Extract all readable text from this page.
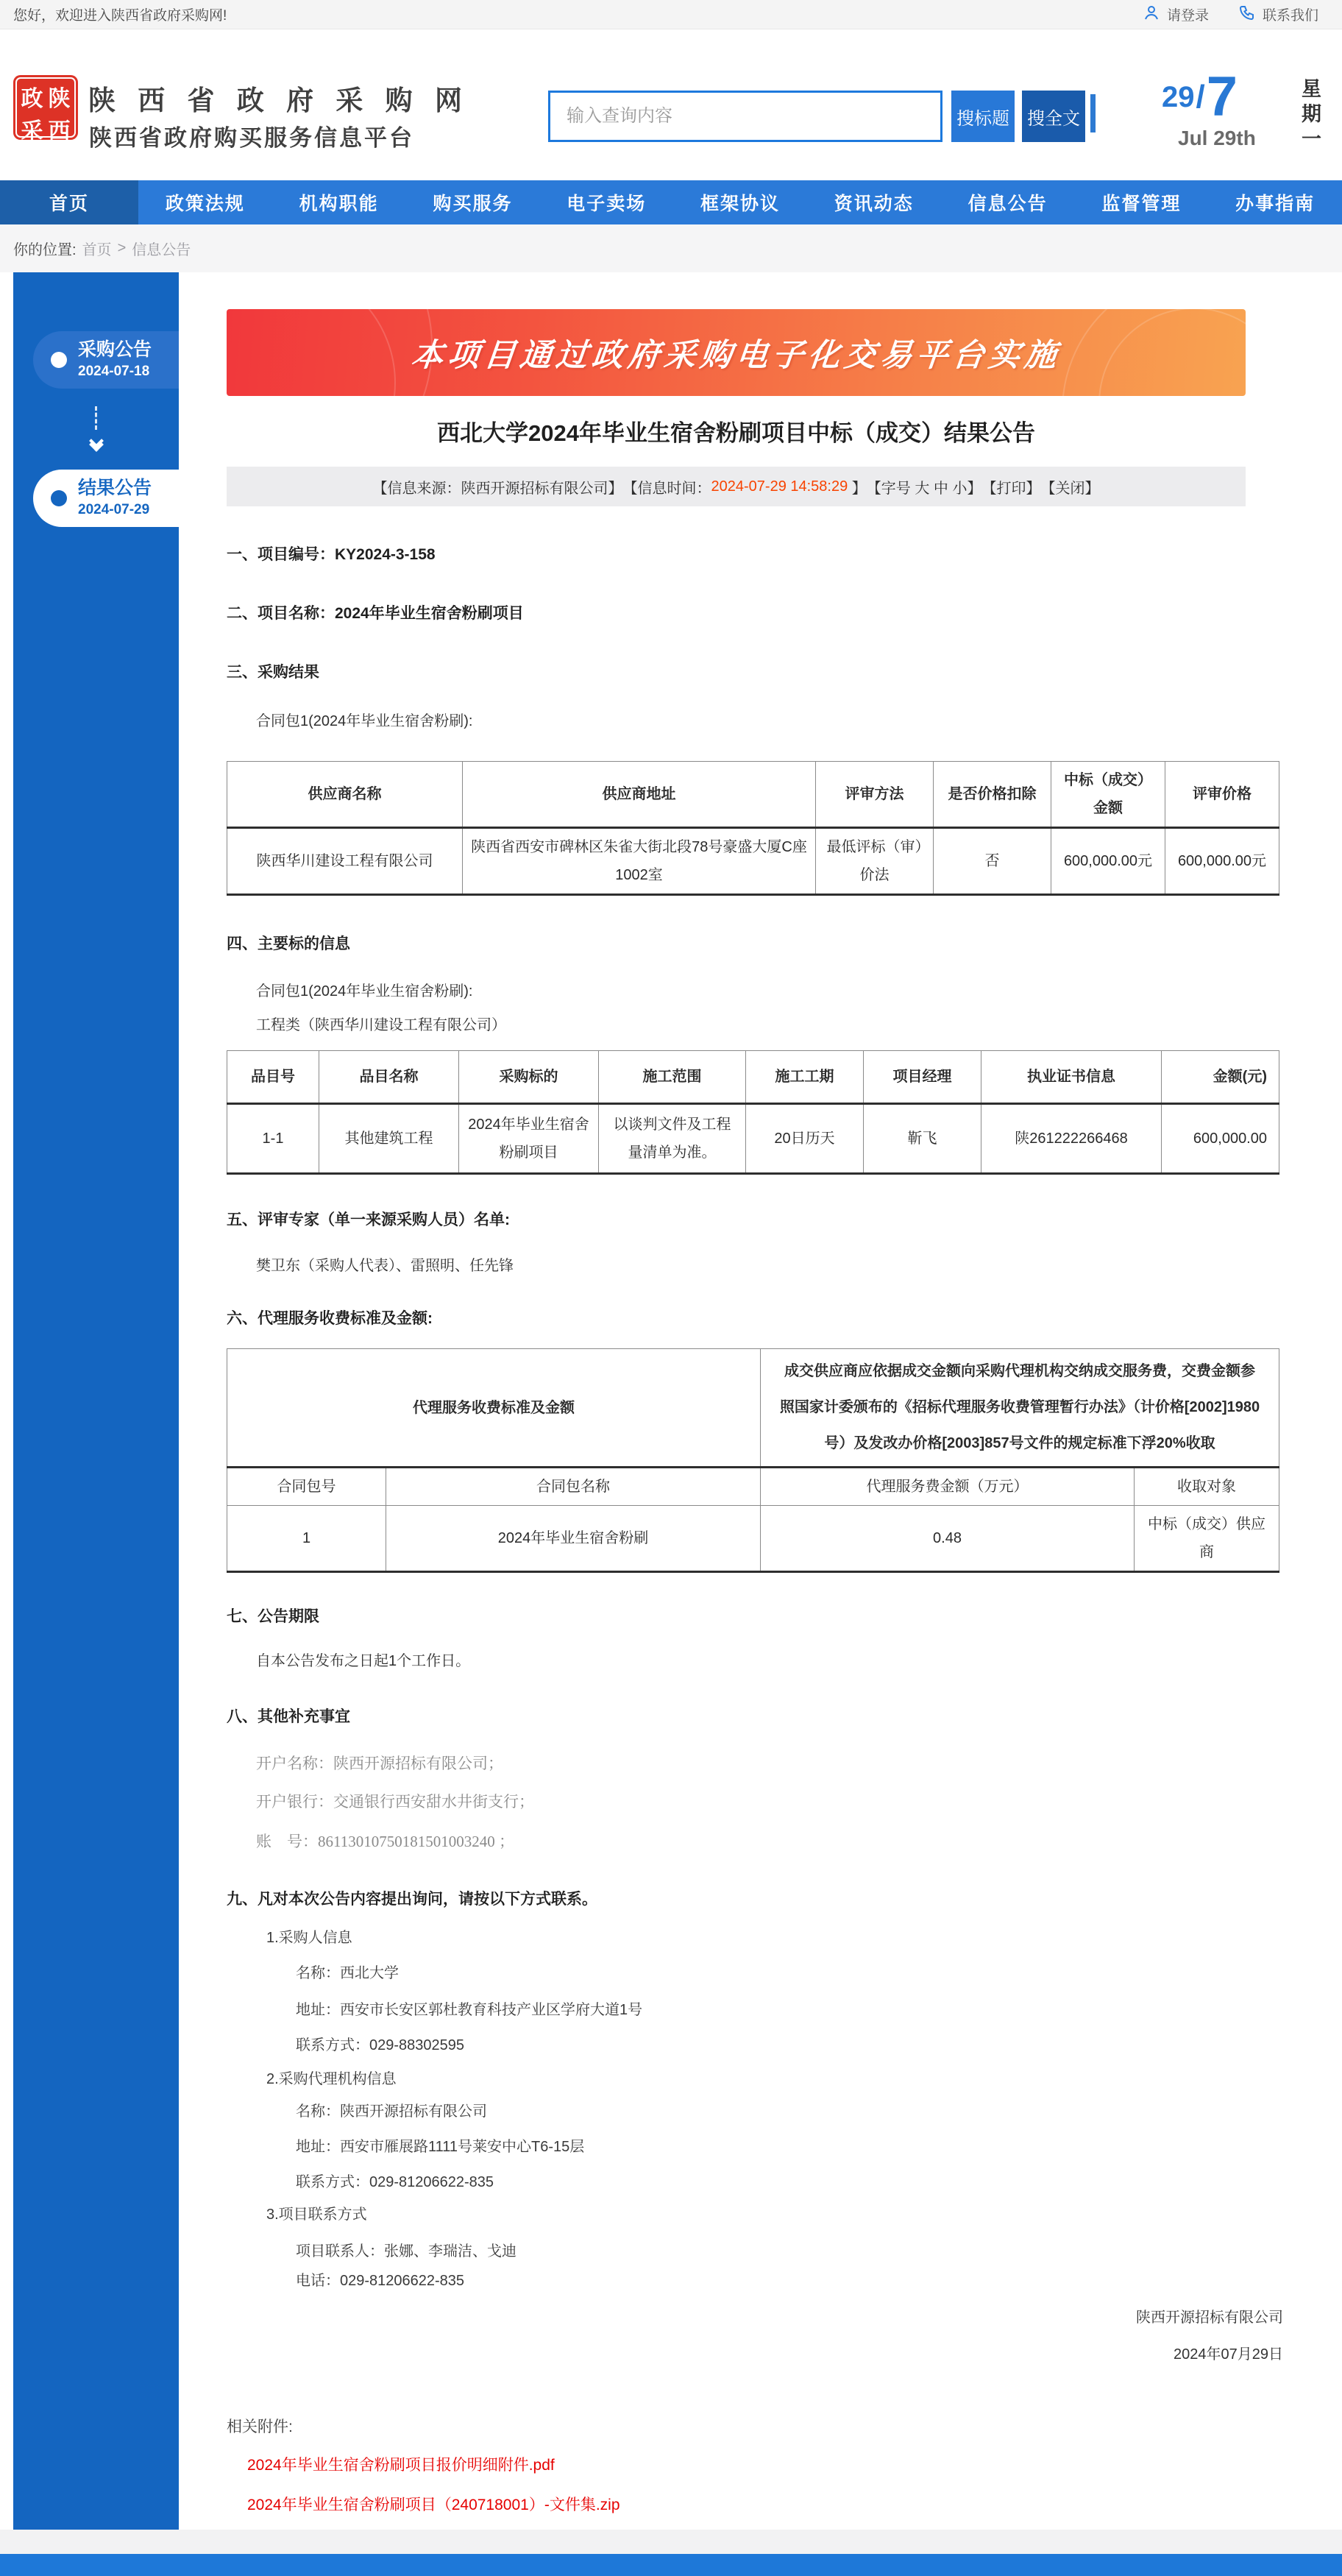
您好，欢迎进入陕西省政府采购网!	请登录	联系我们
政 陕
采 西
陕 西 省 政 府 采 购 网
陕西省政府购买服务信息平台
输入查询内容
搜标题 搜全文
29 / 7
Jul 29th	星期一
首页	政策法规	机构职能	购买服务	电子卖场	框架协议	资讯动态	信息公告	监督管理	办事指南
你的位置: 首页 > 信息公告
采购公告
2024-07-18
结果公告
2024-07-29
本项目通过政府采购电子化交易平台实施
西北大学2024年毕业生宿舍粉刷项目中标（成交）结果公告
【信息来源：陕西开源招标有限公司】 【信息时间： 2024-07-29 14:58:29 】 【字号 大 中 小】 【打印】 【关闭】
一、项目编号：KY2024-3-158
二、项目名称：2024年毕业生宿舍粉刷项目
三、采购结果
合同包1(2024年毕业生宿舍粉刷):
供应商名称	供应商地址	评审方法	是否价格扣除	中标（成交）金额	评审价格
陕西华川建设工程有限公司	陕西省西安市碑林区朱雀大街北段78号豪盛大厦C座1002室	最低评标（审）价法	否	600,000.00元	600,000.00元
四、主要标的信息
合同包1(2024年毕业生宿舍粉刷):
工程类（陕西华川建设工程有限公司）
品目号	品目名称	采购标的	施工范围	施工工期	项目经理	执业证书信息	金额(元)
1-1	其他建筑工程	2024年毕业生宿舍粉刷项目	以谈判文件及工程量清单为准。	20日历天	靳飞	陕261222266468	600,000.00
五、评审专家（单一来源采购人员）名单:
樊卫东（采购人代表）、雷照明、任先锋
六、代理服务收费标准及金额:
代理服务收费标准及金额		成交供应商应依据成交金额向采购代理机构交纳成交服务费，交费金额参照国家计委颁布的《招标代理服务收费管理暂行办法》（计价格[2002]1980号）及发改办价格[2003]857号文件的规定标准下浮20%收取	
合同包号	合同包名称	代理服务费金额（万元）	收取对象
1	2024年毕业生宿舍粉刷	0.48	中标（成交）供应商
七、公告期限
自本公告发布之日起1个工作日。
八、其他补充事宜
开户名称：陕西开源招标有限公司；
开户银行：交通银行西安甜水井街支行；
账　号：86113010750181501003240 ；
九、凡对本次公告内容提出询问，请按以下方式联系。
1.采购人信息
名称：西北大学
地址：西安市长安区郭杜教育科技产业区学府大道1号
联系方式：029-88302595
2.采购代理机构信息
名称：陕西开源招标有限公司
地址：西安市雁展路1111号莱安中心T6-15层
联系方式：029-81206622-835
3.项目联系方式
项目联系人：张娜、李瑞洁、戈迪
电话：029-81206622-835
陕西开源招标有限公司
2024年07月29日
相关附件:
2024年毕业生宿舍粉刷项目报价明细附件.pdf
2024年毕业生宿舍粉刷项目（240718001）-文件集.zip
